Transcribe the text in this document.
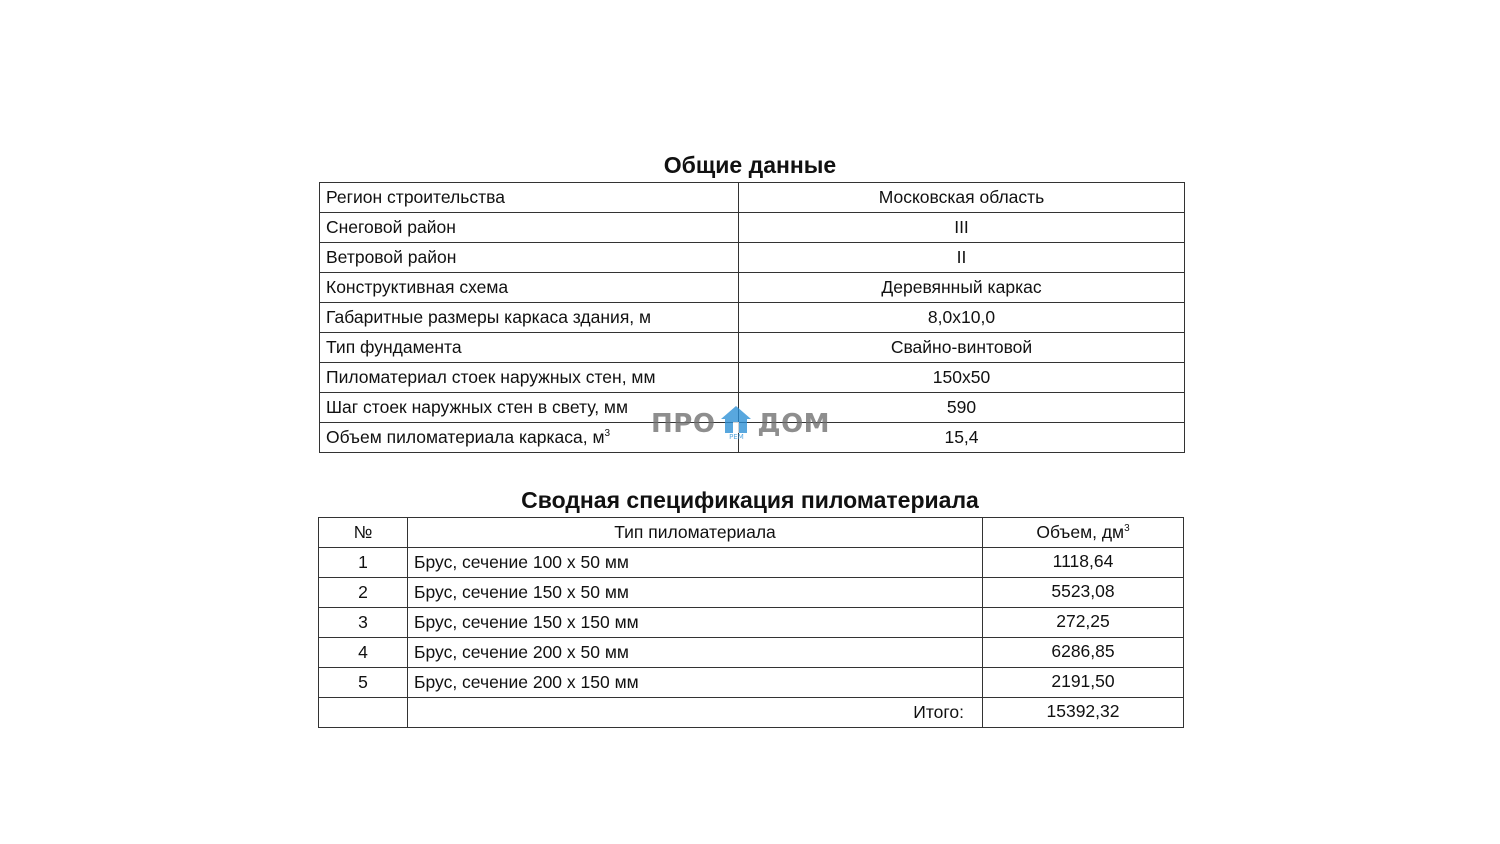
Общие данные
Регион строительства	Московская область
Снеговой район	III
Ветровой район	II
Конструктивная схема	Деревянный каркас
Габаритные размеры каркаса здания, м	8,0х10,0
Тип фундамента	Свайно-винтовой
Пиломатериал стоек наружных стен, мм	150х50
Шаг стоек наружных стен в свету, мм	590
Объем пиломатериала каркаса, $м^3$	15,4
ПРО	РЕМ ДОМ
Сводная спецификация пиломатериала
№	Тип пиломатериала	Объем, $дм^3$
1	Брус, сечение 100 х 50 мм	1118,64
2	Брус, сечение 150 х 50 мм	5523,08
3	Брус, сечение 150 х 150 мм	272,25
4	Брус, сечение 200 х 50 мм	6286,85
5	Брус, сечение 200 х 150 мм	2191,50
	Итого:	15392,32
